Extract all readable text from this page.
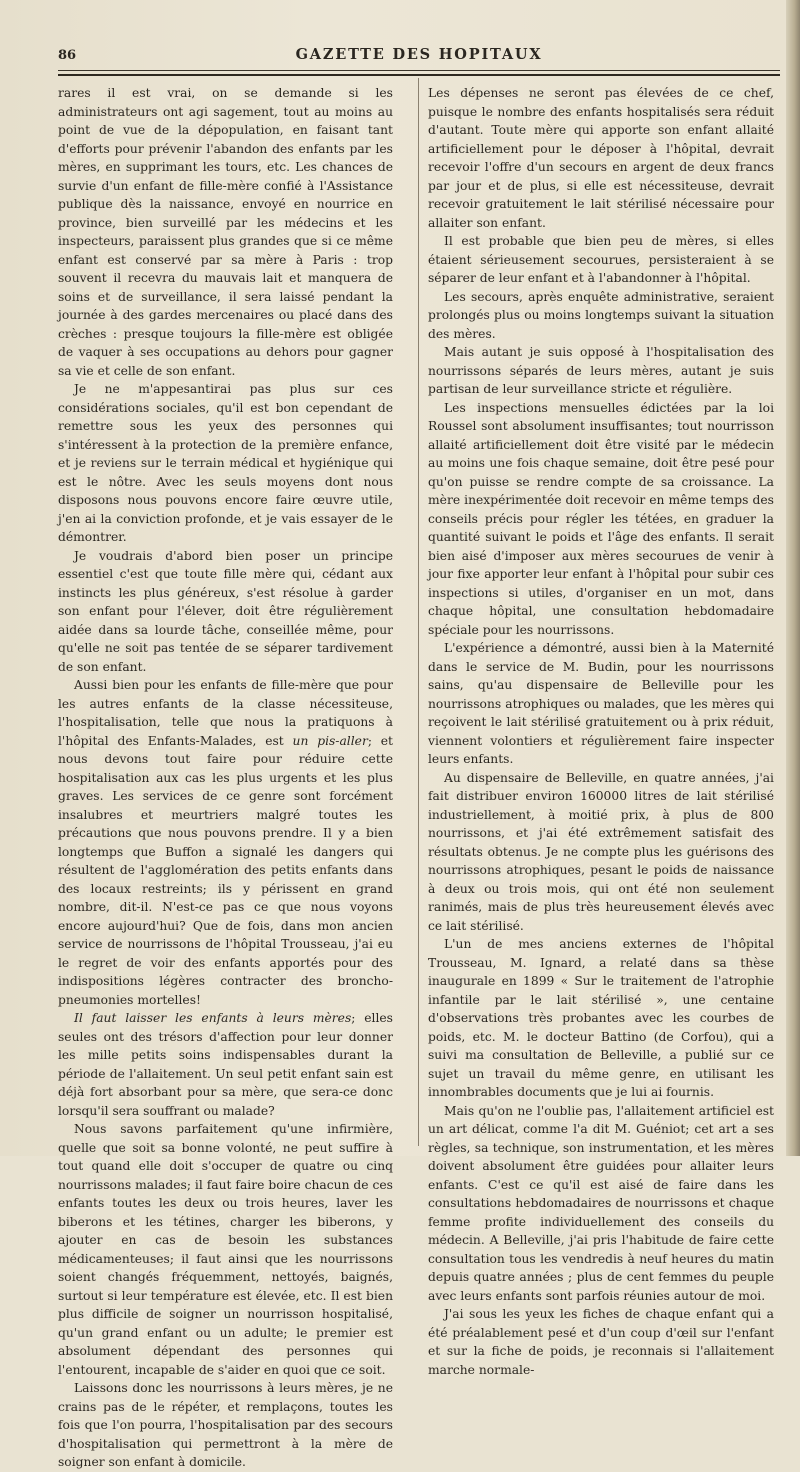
86	GAZETTE DES HOPITAUX

rares il est vrai, on se demande si les administrateurs ont agi sagement, tout au moins au point de vue de la dépopulation, en faisant tant d'efforts pour prévenir l'abandon des enfants par les mères, en supprimant les tours, etc. Les chances de survie d'un enfant de fille-mère confié à l'Assistance publique dès la naissance, envoyé en nourrice en province, bien surveillé par les médecins et les inspecteurs, paraissent plus grandes que si ce même enfant est conservé par sa mère à Paris : trop souvent il recevra du mauvais lait et manquera de soins et de surveillance, il sera laissé pendant la journée à des gardes mercenaires ou placé dans des crèches : presque toujours la fille-mère est obligée de vaquer à ses occupations au dehors pour gagner sa vie et celle de son enfant.

Je ne m'appesantirai pas plus sur ces considérations sociales, qu'il est bon cependant de remettre sous les yeux des personnes qui s'intéressent à la protection de la première enfance, et je reviens sur le terrain médical et hygiénique qui est le nôtre. Avec les seuls moyens dont nous disposons nous pouvons encore faire œuvre utile, j'en ai la conviction profonde, et je vais essayer de le démontrer.

Je voudrais d'abord bien poser un principe essentiel c'est que toute fille mère qui, cédant aux instincts les plus généreux, s'est résolue à garder son enfant pour l'élever, doit être régulièrement aidée dans sa lourde tâche, conseillée même, pour qu'elle ne soit pas tentée de se séparer tardivement de son enfant.

Aussi bien pour les enfants de fille-mère que pour les autres enfants de la classe nécessiteuse, l'hospitalisation, telle que nous la pratiquons à l'hôpital des Enfants-Malades, est un pis-aller; et nous devons tout faire pour réduire cette hospitalisation aux cas les plus urgents et les plus graves. Les services de ce genre sont forcément insalubres et meurtriers malgré toutes les précautions que nous pouvons prendre. Il y a bien longtemps que Buffon a signalé les dangers qui résultent de l'agglomération des petits enfants dans des locaux restreints; ils y périssent en grand nombre, dit-il. N'est-ce pas ce que nous voyons encore aujourd'hui? Que de fois, dans mon ancien service de nourrissons de l'hôpital Trousseau, j'ai eu le regret de voir des enfants apportés pour des indispositions légères contracter des broncho-pneumonies mortelles!

Il faut laisser les enfants à leurs mères; elles seules ont des trésors d'affection pour leur donner les mille petits soins indispensables durant la période de l'allaitement. Un seul petit enfant sain est déjà fort absorbant pour sa mère, que sera-ce donc lorsqu'il sera souffrant ou malade?

Nous savons parfaitement qu'une infirmière, quelle que soit sa bonne volonté, ne peut suffire à tout quand elle doit s'occuper de quatre ou cinq nourrissons malades; il faut faire boire chacun de ces enfants toutes les deux ou trois heures, laver les biberons et les tétines, charger les biberons, y ajouter en cas de besoin les substances médicamenteuses; il faut ainsi que les nourrissons soient changés fréquemment, nettoyés, baignés, surtout si leur température est élevée, etc. Il est bien plus difficile de soigner un nourrisson hospitalisé, qu'un grand enfant ou un adulte; le premier est absolument dépendant des personnes qui l'entourent, incapable de s'aider en quoi que ce soit.

Laissons donc les nourrissons à leurs mères, je ne crains pas de le répéter, et remplaçons, toutes les fois que l'on pourra, l'hospitalisation par des secours d'hospitalisation qui permettront à la mère de soigner son enfant à domicile.

Les dépenses ne seront pas élevées de ce chef, puisque le nombre des enfants hospitalisés sera réduit d'autant. Toute mère qui apporte son enfant allaité artificiellement pour le déposer à l'hôpital, devrait recevoir l'offre d'un secours en argent de deux francs par jour et de plus, si elle est nécessiteuse, devrait recevoir gratuitement le lait stérilisé nécessaire pour allaiter son enfant.

Il est probable que bien peu de mères, si elles étaient sérieusement secourues, persisteraient à se séparer de leur enfant et à l'abandonner à l'hôpital.

Les secours, après enquête administrative, seraient prolongés plus ou moins longtemps suivant la situation des mères.

Mais autant je suis opposé à l'hospitalisation des nourrissons séparés de leurs mères, autant je suis partisan de leur surveillance stricte et régulière.

Les inspections mensuelles édictées par la loi Roussel sont absolument insuffisantes; tout nourrisson allaité artificiellement doit être visité par le médecin au moins une fois chaque semaine, doit être pesé pour qu'on puisse se rendre compte de sa croissance. La mère inexpérimentée doit recevoir en même temps des conseils précis pour régler les tétées, en graduer la quantité suivant le poids et l'âge des enfants. Il serait bien aisé d'imposer aux mères secourues de venir à jour fixe apporter leur enfant à l'hôpital pour subir ces inspections si utiles, d'organiser en un mot, dans chaque hôpital, une consultation hebdomadaire spéciale pour les nourrissons.

L'expérience a démontré, aussi bien à la Maternité dans le service de M. Budin, pour les nourrissons sains, qu'au dispensaire de Belleville pour les nourrissons atrophiques ou malades, que les mères qui reçoivent le lait stérilisé gratuitement ou à prix réduit, viennent volontiers et régulièrement faire inspecter leurs enfants.

Au dispensaire de Belleville, en quatre années, j'ai fait distribuer environ 160000 litres de lait stérilisé industriellement, à moitié prix, à plus de 800 nourrissons, et j'ai été extrêmement satisfait des résultats obtenus. Je ne compte plus les guérisons des nourrissons atrophiques, pesant le poids de naissance à deux ou trois mois, qui ont été non seulement ranimés, mais de plus très heureusement élevés avec ce lait stérilisé.

L'un de mes anciens externes de l'hôpital Trousseau, M. Ignard, a relaté dans sa thèse inaugurale en 1899 « Sur le traitement de l'atrophie infantile par le lait stérilisé », une centaine d'observations très probantes avec les courbes de poids, etc. M. le docteur Battino (de Corfou), qui a suivi ma consultation de Belleville, a publié sur ce sujet un travail du même genre, en utilisant les innombrables documents que je lui ai fournis.

Mais qu'on ne l'oublie pas, l'allaitement artificiel est un art délicat, comme l'a dit M. Guéniot; cet art a ses règles, sa technique, son instrumentation, et les mères doivent absolument être guidées pour allaiter leurs enfants. C'est ce qu'il est aisé de faire dans les consultations hebdomadaires de nourrissons et chaque femme profite individuellement des conseils du médecin. A Belleville, j'ai pris l'habitude de faire cette consultation tous les vendredis à neuf heures du matin depuis quatre années ; plus de cent femmes du peuple avec leurs enfants sont parfois réunies autour de moi.

J'ai sous les yeux les fiches de chaque enfant qui a été préalablement pesé et d'un coup d'œil sur l'enfant et sur la fiche de poids, je reconnais si l'allaitement marche normale-
